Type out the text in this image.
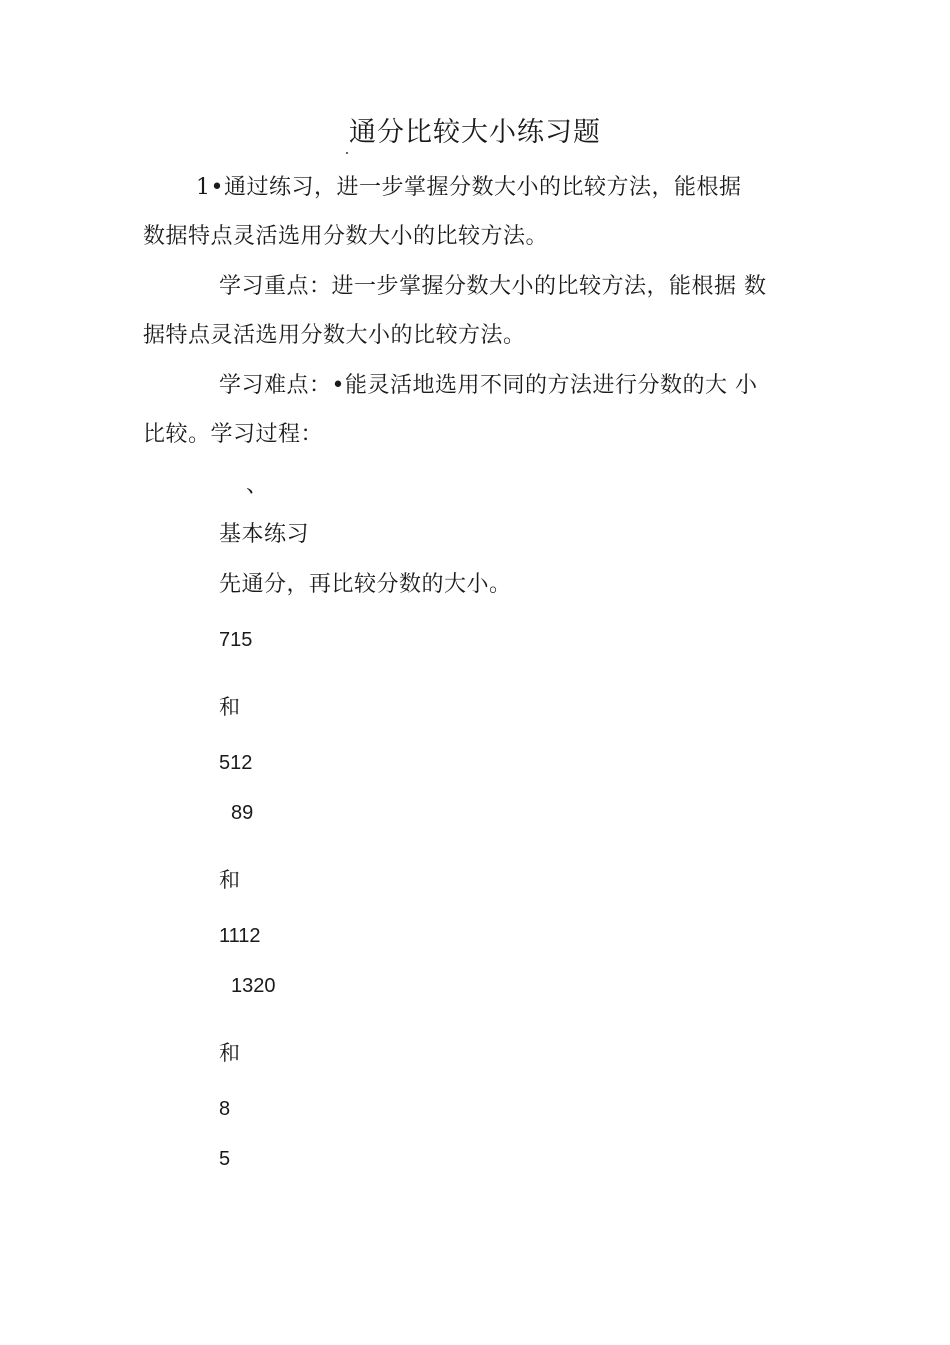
通分比较大小练习题
1•通过练习，进一步掌握分数大小的比较方法，能根据
数据特点灵活选用分数大小的比较方法。
学习重点：进一步掌握分数大小的比较方法，能根据 数
据特点灵活选用分数大小的比较方法。
学习难点：•能灵活地选用不同的方法进行分数的大 小
比较。学习过程：
、
基本练习
先通分，再比较分数的大小。
715
和
512
89
和
1112
1320
和
8
5
